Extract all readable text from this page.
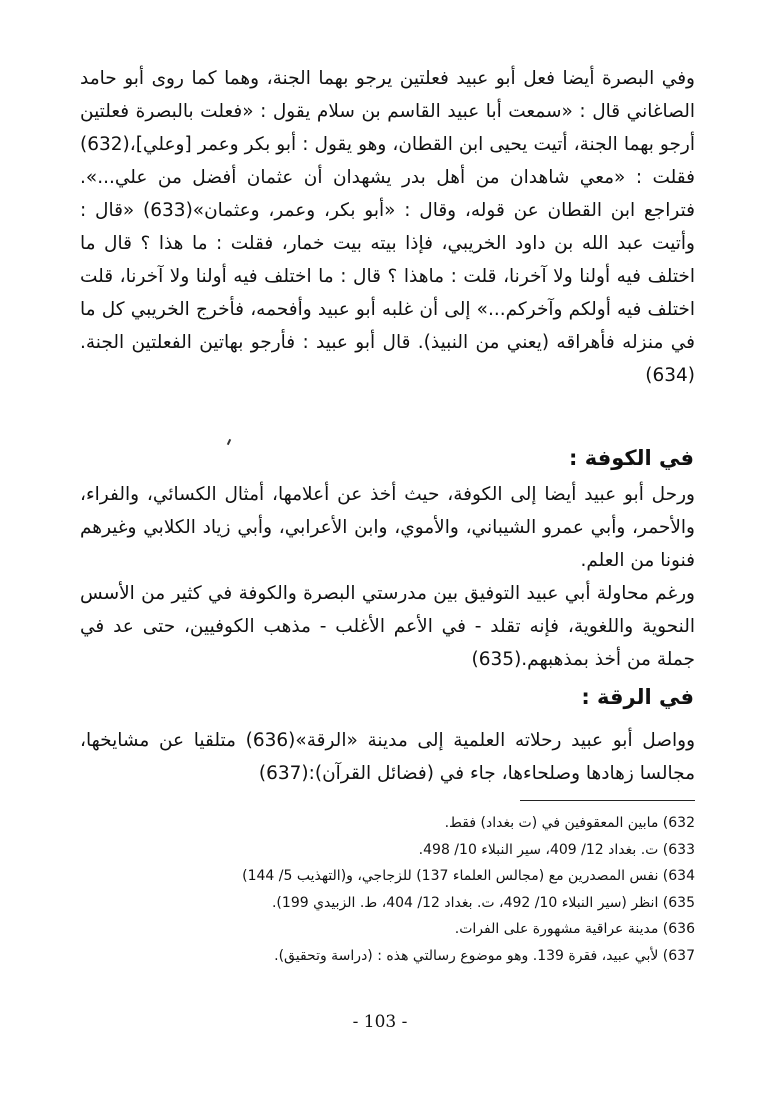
وفي البصرة أيضا فعل أبو عبيد فعلتين يرجو بهما الجنة، وهما كما روى أبو حامد الصاغاني قال : «سمعت أبا عبيد القاسم بن سلام يقول : «فعلت بالبصرة فعلتين أرجو بهما الجنة، أتيت يحيى ابن القطان، وهو يقول : أبو بكر وعمر [وعلي]،(632) فقلت : «معي شاهدان من أهل بدر يشهدان أن عثمان أفضل من علي...». فتراجع ابن القطان عن قوله، وقال : «أبو بكر، وعمر، وعثمان»(633) «قال : وأتيت عبد الله بن داود الخريبي، فإذا بيته بيت خمار، فقلت : ما هذا ؟ قال ما اختلف فيه أولنا ولا آخرنا، قلت : ماهذا ؟ قال : ما اختلف فيه أولنا ولا آخرنا، قلت اختلف فيه أولكم وآخركم...» إلى أن غلبه أبو عبيد وأفحمه، فأخرج الخريبي كل ما في منزله فأهراقه (يعني من النبيذ). قال أبو عبيد : فأرجو بهاتين الفعلتين الجنة.(634)

في الكوفة :

ورحل أبو عبيد أيضا إلى الكوفة، حيث أخذ عن أعلامها، أمثال الكسائي، والفراء، والأحمر، وأبي عمرو الشيباني، والأموي، وابن الأعرابي، وأبي زياد الكلابي وغيرهم فنونا من العلم.

ورغم محاولة أبي عبيد التوفيق بين مدرستي البصرة والكوفة في كثير من الأسس النحوية واللغوية، فإنه تقلد - في الأعم الأغلب - مذهب الكوفيين، حتى عد في جملة من أخذ بمذهبهم.(635)

في الرقة :

وواصل أبو عبيد رحلاته العلمية إلى مدينة «الرقة»(636) متلقيا عن مشايخها، مجالسا زهادها وصلحاءها، جاء في (فضائل القرآن):(637)

632) مابين المعقوفين في (ت بغداد) فقط.

633) ت. بغداد 12/ 409، سير النبلاء 10/ 498.

634) نفس المصدرين مع (مجالس العلماء 137) للزجاجي، و(التهذيب 5/ 144)

635) انظر (سير النبلاء 10/ 492، ت. بغداد 12/ 404، ط. الزبيدي 199).

636) مدينة عراقية مشهورة على الفرات.

637) لأبي عبيد، فقرة 139. وهو موضوع رسالتي هذه : (دراسة وتحقيق).

- 103 -
